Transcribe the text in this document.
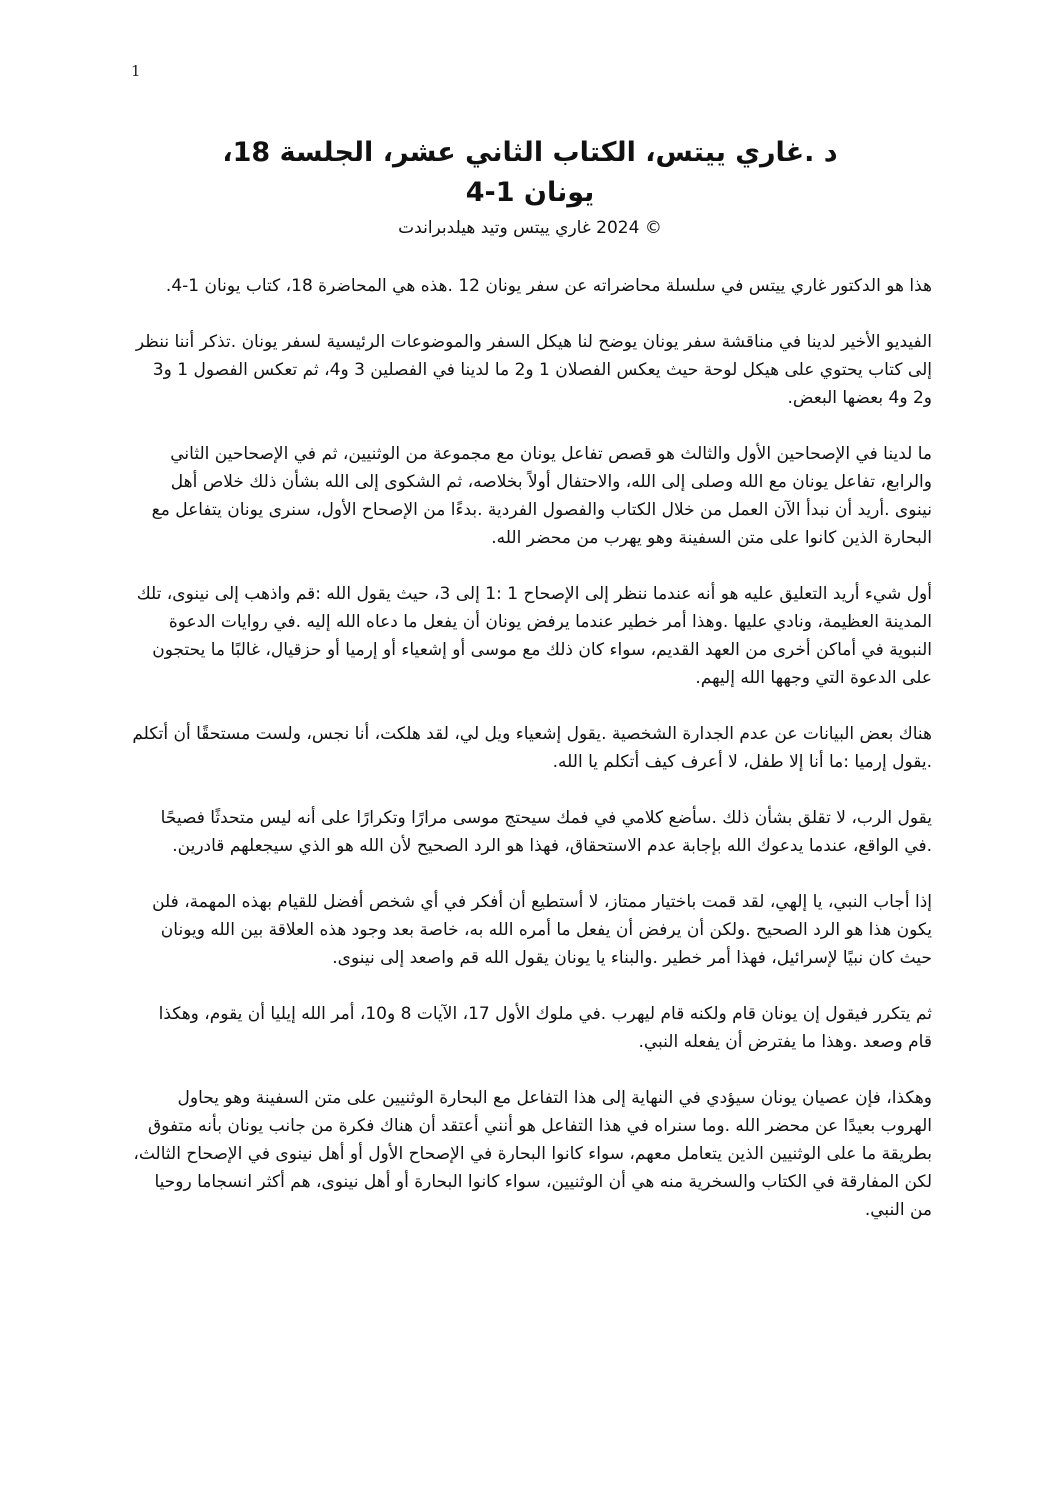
1
د .غاري ييتس، الكتاب الثاني عشر، الجلسة 18،
يونان 1-4
© 2024 غاري ييتس وتيد هيلدبراندت

هذا هو الدكتور غاري ييتس في سلسلة محاضراته عن سفر يونان 12 .هذه هي المحاضرة 18، كتاب يونان 1-4.

الفيديو الأخير لدينا في مناقشة سفر يونان يوضح لنا هيكل السفر والموضوعات الرئيسية لسفر يونان .تذكر أننا ننظر إلى كتاب يحتوي على هيكل لوحة حيث يعكس الفصلان 1 و2 ما لدينا في الفصلين 3 و4، ثم تعكس الفصول 1 و3 و2 و4 بعضها البعض.

ما لدينا في الإصحاحين الأول والثالث هو قصص تفاعل يونان مع مجموعة من الوثنيين، ثم في الإصحاحين الثاني والرابع، تفاعل يونان مع الله وصلى إلى الله، والاحتفال أولاً بخلاصه، ثم الشكوى إلى الله بشأن ذلك خلاص أهل نينوى .أريد أن نبدأ الآن العمل من خلال الكتاب والفصول الفردية .بدءًا من الإصحاح الأول، سنرى يونان يتفاعل مع البحارة الذين كانوا على متن السفينة وهو يهرب من محضر الله.

أول شيء أريد التعليق عليه هو أنه عندما ننظر إلى الإصحاح 1 :1 إلى 3، حيث يقول الله :قم واذهب إلى نينوى، تلك المدينة العظيمة، ونادي عليها .وهذا أمر خطير عندما يرفض يونان أن يفعل ما دعاه الله إليه .في روايات الدعوة النبوية في أماكن أخرى من العهد القديم، سواء كان ذلك مع موسى أو إشعياء أو إرميا أو حزقيال، غالبًا ما يحتجون على الدعوة التي وجهها الله إليهم.

هناك بعض البيانات عن عدم الجدارة الشخصية .يقول إشعياء ويل لي، لقد هلكت، أنا نجس، ولست مستحقًا أن أتكلم .يقول إرميا :ما أنا إلا طفل، لا أعرف كيف أتكلم يا الله.

يقول الرب، لا تقلق بشأن ذلك .سأضع كلامي في فمك سيحتج موسى مرارًا وتكرارًا على أنه ليس متحدثًا فصيحًا .في الواقع، عندما يدعوك الله بإجابة عدم الاستحقاق، فهذا هو الرد الصحيح لأن الله هو الذي سيجعلهم قادرين.

إذا أجاب النبي، يا إلهي، لقد قمت باختيار ممتاز، لا أستطيع أن أفكر في أي شخص أفضل للقيام بهذه المهمة، فلن يكون هذا هو الرد الصحيح .ولكن أن يرفض أن يفعل ما أمره الله به، خاصة بعد وجود هذه العلاقة بين الله ويونان حيث كان نبيًا لإسرائيل، فهذا أمر خطير .والبناء يا يونان يقول الله قم واصعد إلى نينوى.

ثم يتكرر فيقول إن يونان قام ولكنه قام ليهرب .في ملوك الأول 17، الآيات 8 و10، أمر الله إيليا أن يقوم، وهكذا قام وصعد .وهذا ما يفترض أن يفعله النبي.

وهكذا، فإن عصيان يونان سيؤدي في النهاية إلى هذا التفاعل مع البحارة الوثنيين على متن السفينة وهو يحاول الهروب بعيدًا عن محضر الله .وما سنراه في هذا التفاعل هو أنني أعتقد أن هناك فكرة من جانب يونان بأنه متفوق بطريقة ما على الوثنيين الذين يتعامل معهم، سواء كانوا البحارة في الإصحاح الأول أو أهل نينوى في الإصحاح الثالث، لكن المفارقة في الكتاب والسخرية منه هي أن الوثنيين، سواء كانوا البحارة أو أهل نينوى، هم أكثر انسجاما روحيا من النبي.
